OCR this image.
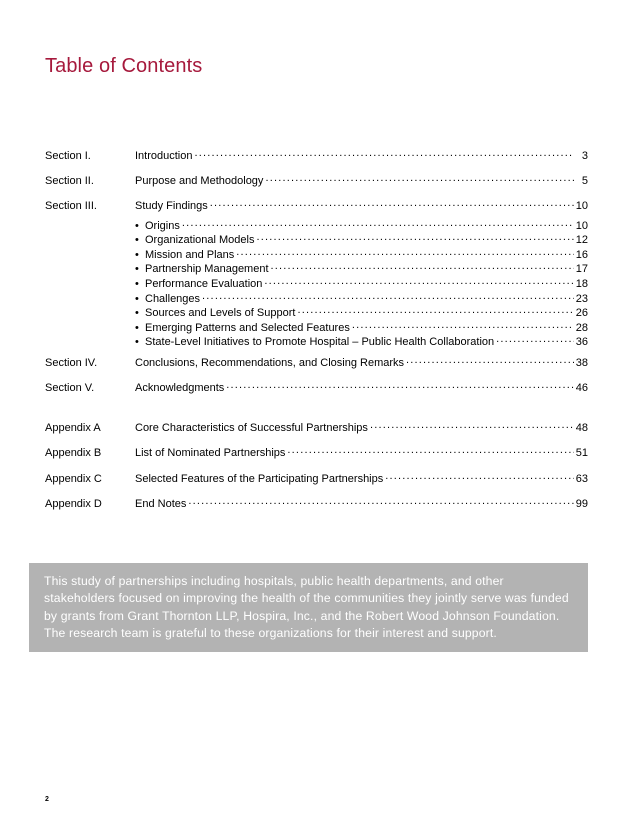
Table of Contents
Section I.	Introduction .....	3
Section II.	Purpose and Methodology .....	5
Section III.	Study Findings .....	10
• Origins .....	10
• Organizational Models .....	12
• Mission and Plans .....	16
• Partnership Management .....	17
• Performance Evaluation .....	18
• Challenges .....	23
• Sources and Levels of Support .....	26
• Emerging Patterns and Selected Features .....	28
• State-Level Initiatives to Promote Hospital – Public Health Collaboration .....	36
Section IV.	Conclusions, Recommendations, and Closing Remarks .....	38
Section V.	Acknowledgments .....	46
Appendix A	Core Characteristics of Successful Partnerships .....	48
Appendix B	List of Nominated Partnerships .....	51
Appendix C	Selected Features of the Participating Partnerships .....	63
Appendix D	End Notes .....	99
This study of partnerships including hospitals, public health departments, and other stakeholders focused on improving the health of the communities they jointly serve was funded by grants from Grant Thornton LLP, Hospira, Inc., and the Robert Wood Johnson Foundation. The research team is grateful to these organizations for their interest and support.
2
